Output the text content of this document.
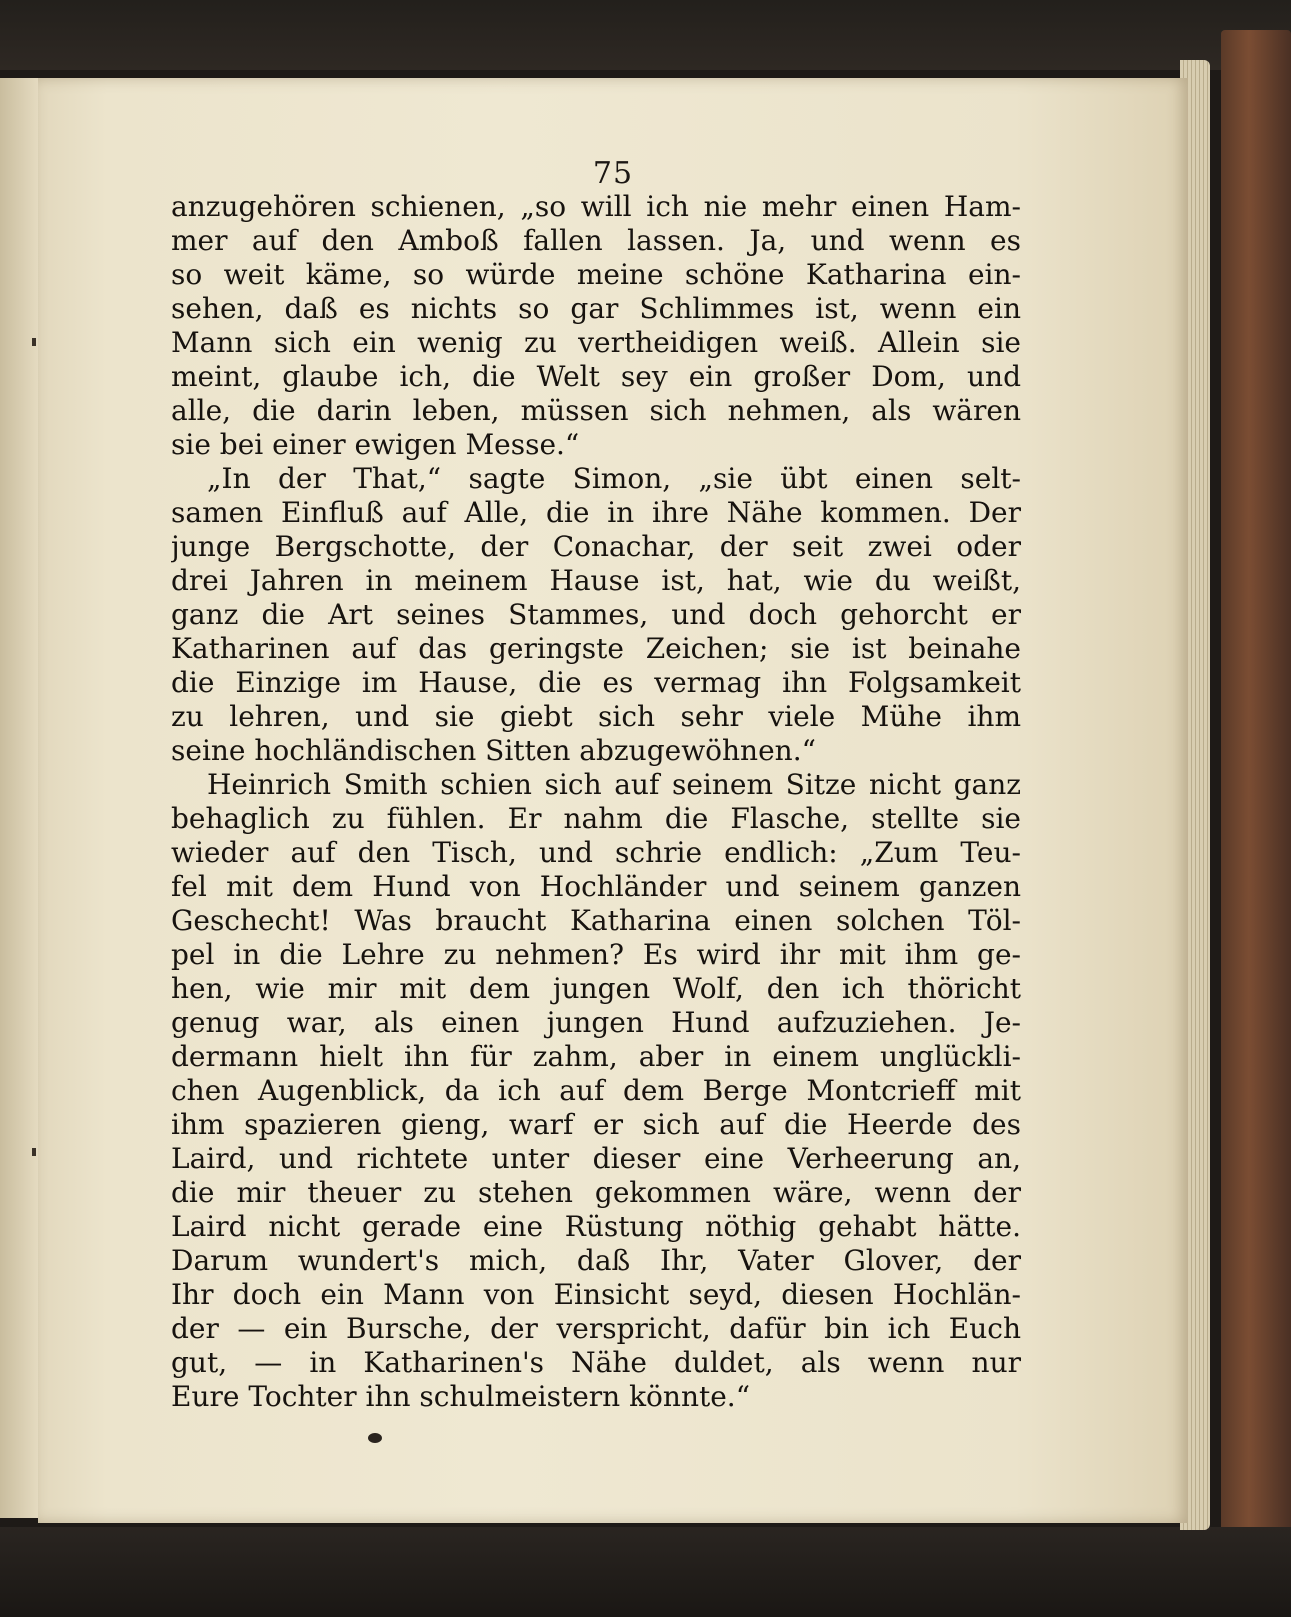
75
anzugehören schienen, „so will ich nie mehr einen Ham-
mer auf den Amboß fallen lassen. Ja, und wenn es
so weit käme, so würde meine schöne Katharina ein-
sehen, daß es nichts so gar Schlimmes ist, wenn ein
Mann sich ein wenig zu vertheidigen weiß. Allein sie
meint, glaube ich, die Welt sey ein großer Dom, und
alle, die darin leben, müssen sich nehmen, als wären
sie bei einer ewigen Messe.“
„In der That,“ sagte Simon, „sie übt einen selt-
samen Einfluß auf Alle, die in ihre Nähe kommen. Der
junge Bergschotte, der Conachar, der seit zwei oder
drei Jahren in meinem Hause ist, hat, wie du weißt,
ganz die Art seines Stammes, und doch gehorcht er
Katharinen auf das geringste Zeichen; sie ist beinahe
die Einzige im Hause, die es vermag ihn Folgsamkeit
zu lehren, und sie giebt sich sehr viele Mühe ihm
seine hochländischen Sitten abzugewöhnen.“
Heinrich Smith schien sich auf seinem Sitze nicht ganz
behaglich zu fühlen. Er nahm die Flasche, stellte sie
wieder auf den Tisch, und schrie endlich: „Zum Teu-
fel mit dem Hund von Hochländer und seinem ganzen
Geschecht! Was braucht Katharina einen solchen Töl-
pel in die Lehre zu nehmen? Es wird ihr mit ihm ge-
hen, wie mir mit dem jungen Wolf, den ich thöricht
genug war, als einen jungen Hund aufzuziehen. Je-
dermann hielt ihn für zahm, aber in einem unglückli-
chen Augenblick, da ich auf dem Berge Montcrieff mit
ihm spazieren gieng, warf er sich auf die Heerde des
Laird, und richtete unter dieser eine Verheerung an,
die mir theuer zu stehen gekommen wäre, wenn der
Laird nicht gerade eine Rüstung nöthig gehabt hätte.
Darum wundert's mich, daß Ihr, Vater Glover, der
Ihr doch ein Mann von Einsicht seyd, diesen Hochlän-
der — ein Bursche, der verspricht, dafür bin ich Euch
gut, — in Katharinen's Nähe duldet, als wenn nur
Eure Tochter ihn schulmeistern könnte.“
